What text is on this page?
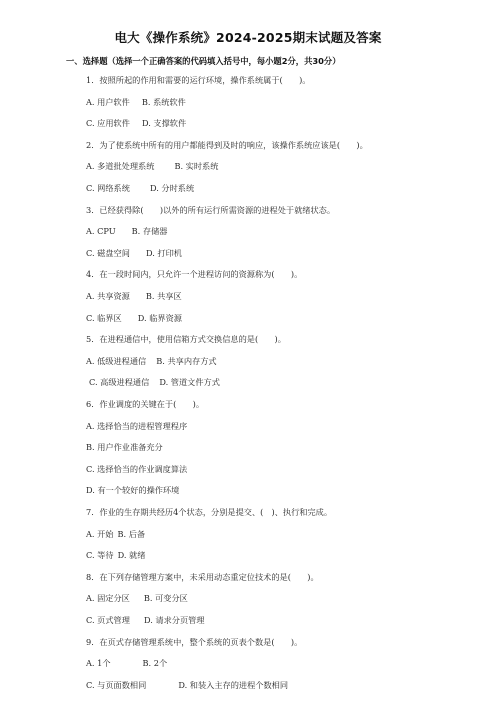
电大《操作系统》2024-2025期末试题及答案
一、选择题（选择一个正确答案的代码填入括号中，每小题2分，共30分）
1．按照所起的作用和需要的运行环境，操作系统属于(　　)。
A. 用户软件 B. 系统软件
C. 应用软件 D. 支撑软件
2．为了使系统中所有的用户都能得到及时的响应，该操作系统应该是(　　)。
A. 多道批处理系统 B. 实时系统
C. 网络系统 D. 分时系统
3．已经获得除(　　)以外的所有运行所需资源的进程处于就绪状态。
A. CPU B. 存储器
C. 磁盘空间 D. 打印机
4．在一段时间内，只允许一个进程访问的资源称为(　　)。
A. 共享资源 B. 共享区
C. 临界区 D. 临界资源
5．在进程通信中，使用信箱方式交换信息的是(　　)。
A. 低级进程通信 B. 共享内存方式
C. 高级进程通信 D. 管道文件方式
6．作业调度的关键在于(　　)。
A. 选择恰当的进程管理程序
B. 用户作业准备充分
C. 选择恰当的作业调度算法
D. 有一个较好的操作环境
7．作业的生存期共经历4个状态，分别是提交、(　)、执行和完成。
A. 开始 B. 后备
C. 等待 D. 就绪
8．在下列存储管理方案中，未采用动态重定位技术的是(　　)。
A. 固定分区 B. 可变分区
C. 页式管理 D. 请求分页管理
9．在页式存储管理系统中，整个系统的页表个数是(　　)。
A. 1个	B. 2个
C. 与页面数相同	D. 和装入主存的进程个数相同
